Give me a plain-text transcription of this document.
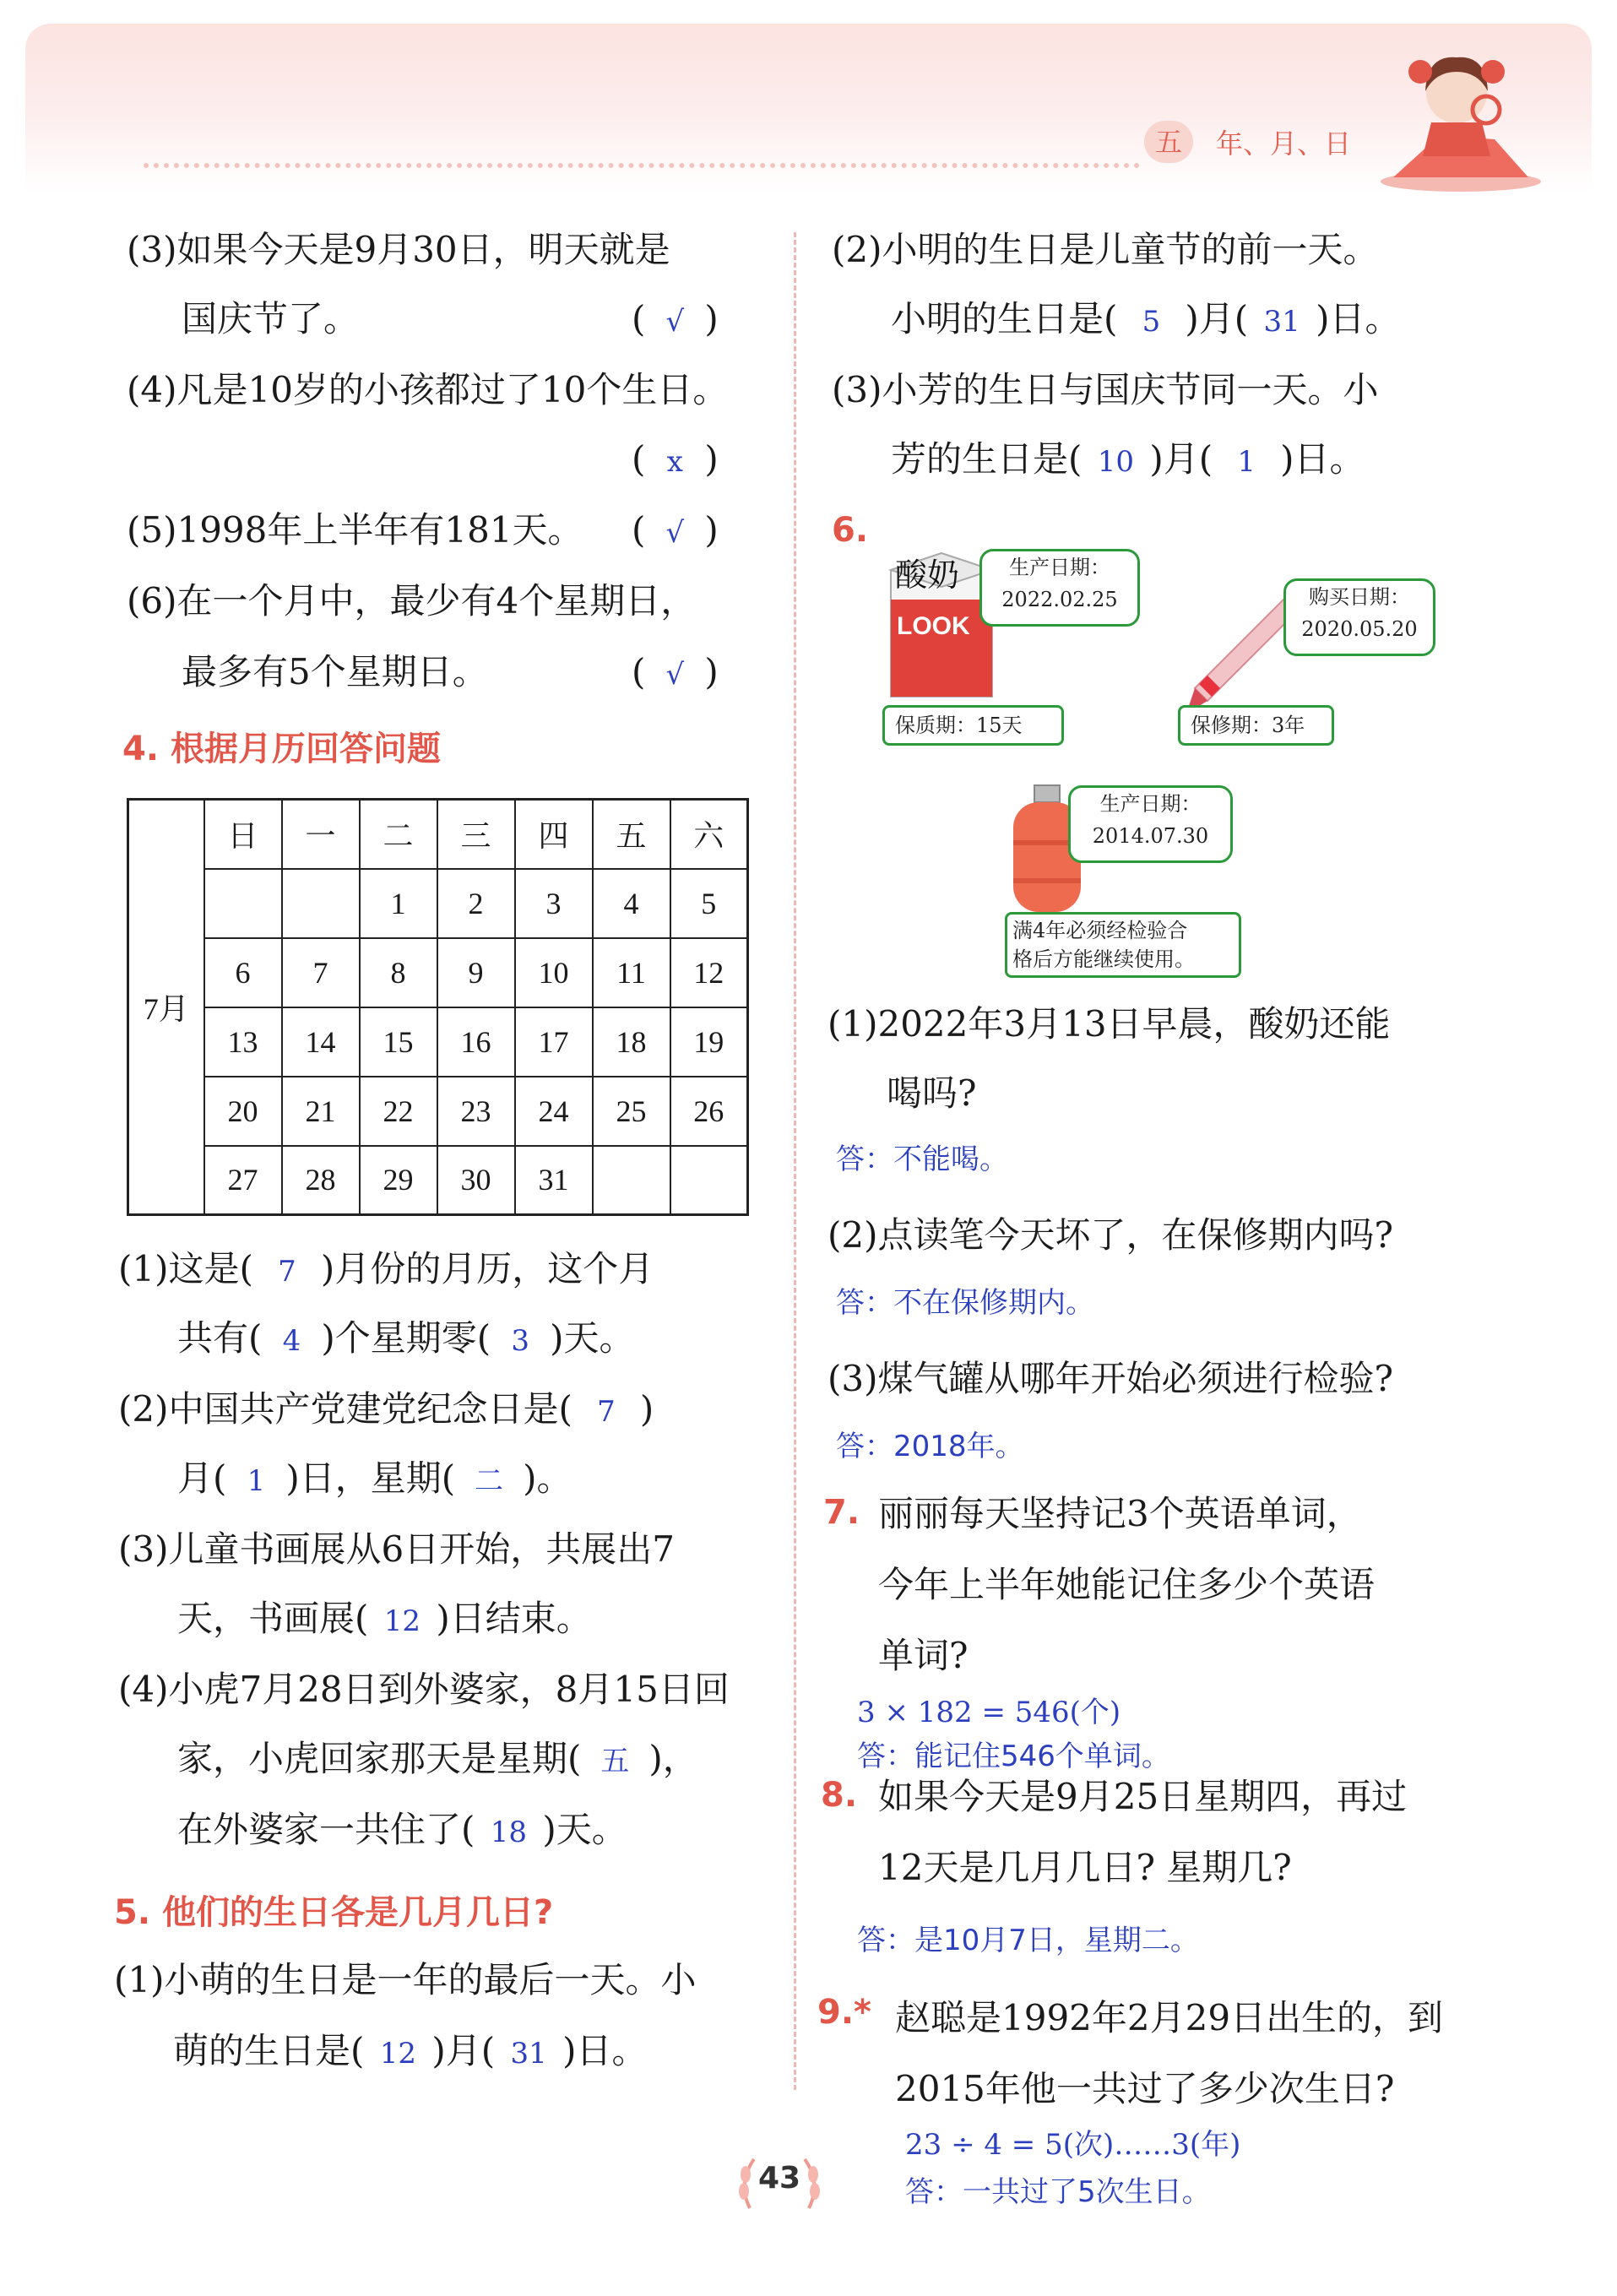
五	年、月、日
(3)如果今天是9月30日，明天就是
国庆节了。	( √ )
(4)凡是10岁的小孩都过了10个生日。
( x )
(5)1998年上半年有181天。 ( √ )
(6)在一个月中，最少有4个星期日，
最多有5个星期日。	( √ )
4. 根据月历回答问题
7月	日	一	二	三	四	五	六
			1	2	3	4	5
	6	7	8	9	10	11	12
	13	14	15	16	17	18	19
	20	21	22	23	24	25	26
	27	28	29	30	31		
(1)这是( 7 )月份的月历，这个月
共有( 4 )个星期零( 3 )天。
(2)中国共产党建党纪念日是( 7 )
月( 1 )日，星期( 二 )。
(3)儿童书画展从6日开始，共展出7
天，书画展( 12 )日结束。
(4)小虎7月28日到外婆家，8月15日回
家，小虎回家那天是星期( 五 )，
在外婆家一共住了( 18 )天。
5. 他们的生日各是几月几日?
(1)小萌的生日是一年的最后一天。小
萌的生日是( 12 )月( 31 )日。
(2)小明的生日是儿童节的前一天。
小明的生日是( 5 )月( 31 )日。
(3)小芳的生日与国庆节同一天。小
芳的生日是( 10 )月( 1 )日。
6.
酸奶
LOOK
生产日期：
2022.02.25
保质期：15天
购买日期：
2020.05.20
保修期：3年
生产日期：
2014.07.30
满4年必须经检验合
格后方能继续使用。
(1)2022年3月13日早晨，酸奶还能
喝吗?
答：不能喝。
(2)点读笔今天坏了，在保修期内吗?
答：不在保修期内。
(3)煤气罐从哪年开始必须进行检验?
答：2018年。
7. 丽丽每天坚持记3个英语单词，
今年上半年她能记住多少个英语
单词?
3 × 182 = 546(个)
答：能记住546个单词。
8. 如果今天是9月25日星期四，再过
12天是几月几日? 星期几?
答：是10月7日，星期二。
9.* 赵聪是1992年2月29日出生的，到
2015年他一共过了多少次生日?
23 ÷ 4 = 5(次)……3(年)
答：一共过了5次生日。
43
